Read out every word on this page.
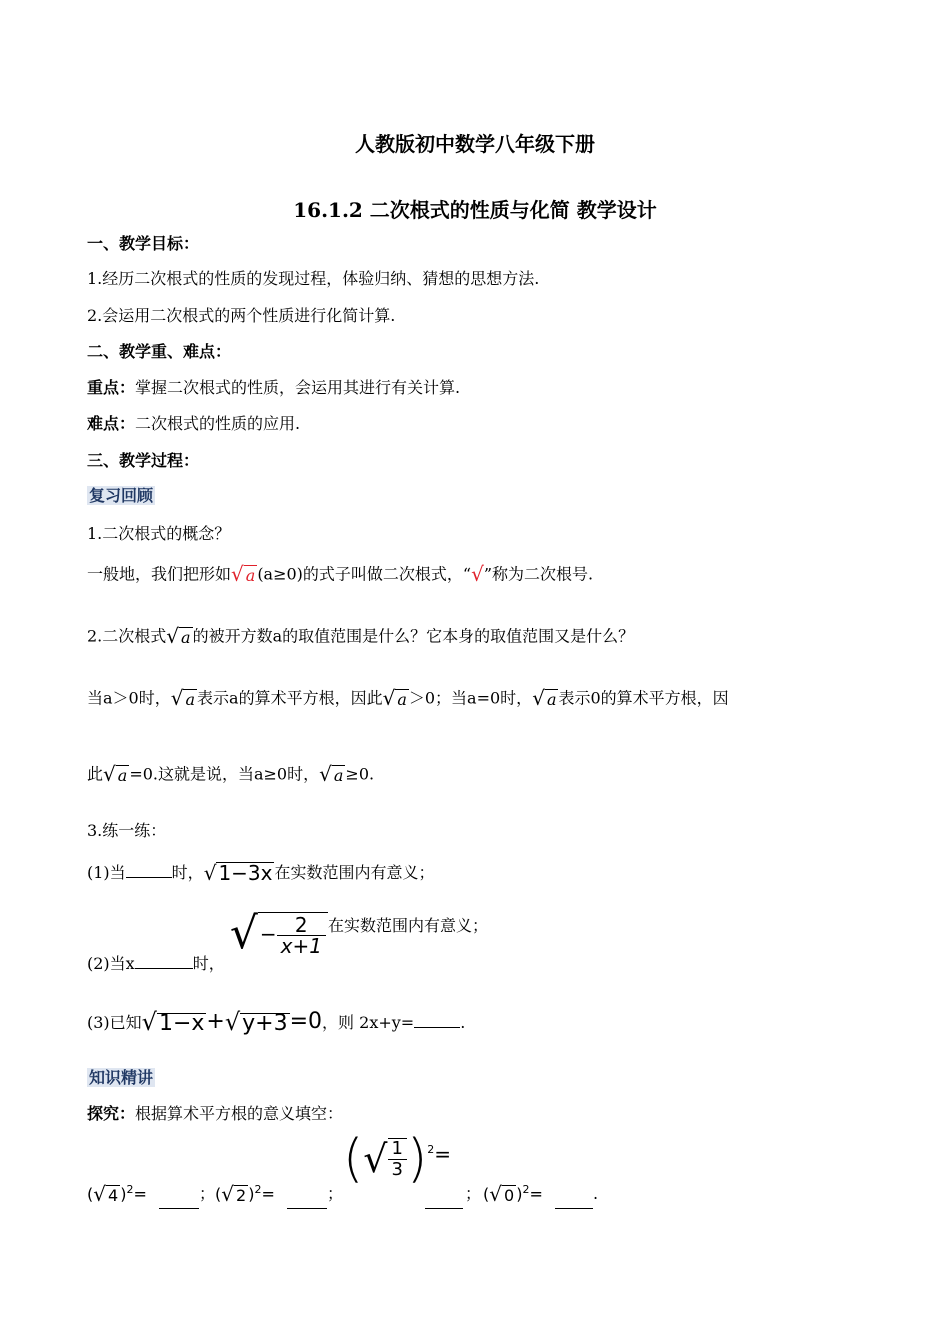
人教版初中数学八年级下册
16.1.2 二次根式的性质与化简 教学设计
一、教学目标：
1.经历二次根式的性质的发现过程，体验归纳、猜想的思想方法.
2.会运用二次根式的两个性质进行化简计算.
二、教学重、难点：
重点：掌握二次根式的性质，会运用其进行有关计算.
难点：二次根式的性质的应用.
三、教学过程：
复习回顾
1.二次根式的概念？
一般地，我们把形如√ a (a≥0)的式子叫做二次根式，“√”称为二次根号.
2.二次根式√ a 的被开方数a的取值范围是什么？它本身的取值范围又是什么？
当a＞0时，√ a 表示a的算术平方根，因此√ a ＞0；当a=0时，√ a 表示0的算术平方根，因
此√ a =0.这就是说，当a≥0时，√ a ≥0.
3.练一练：
(1)当	时，√ 1−3x 在实数范围内有意义；
(2)当x	时， √ − $\frac{2}{x+1}$ 在实数范围内有意义；
(3)已知√1−x+√y+3=0，则 2x+y=	.
知识精讲
探究：根据算术平方根的意义填空：
(√ 4 )$^2$=	； (√ 2 )$^2$=	；
(√ $\frac{1}{3} )^2=$
； (√ 0 )$^2$=	.
